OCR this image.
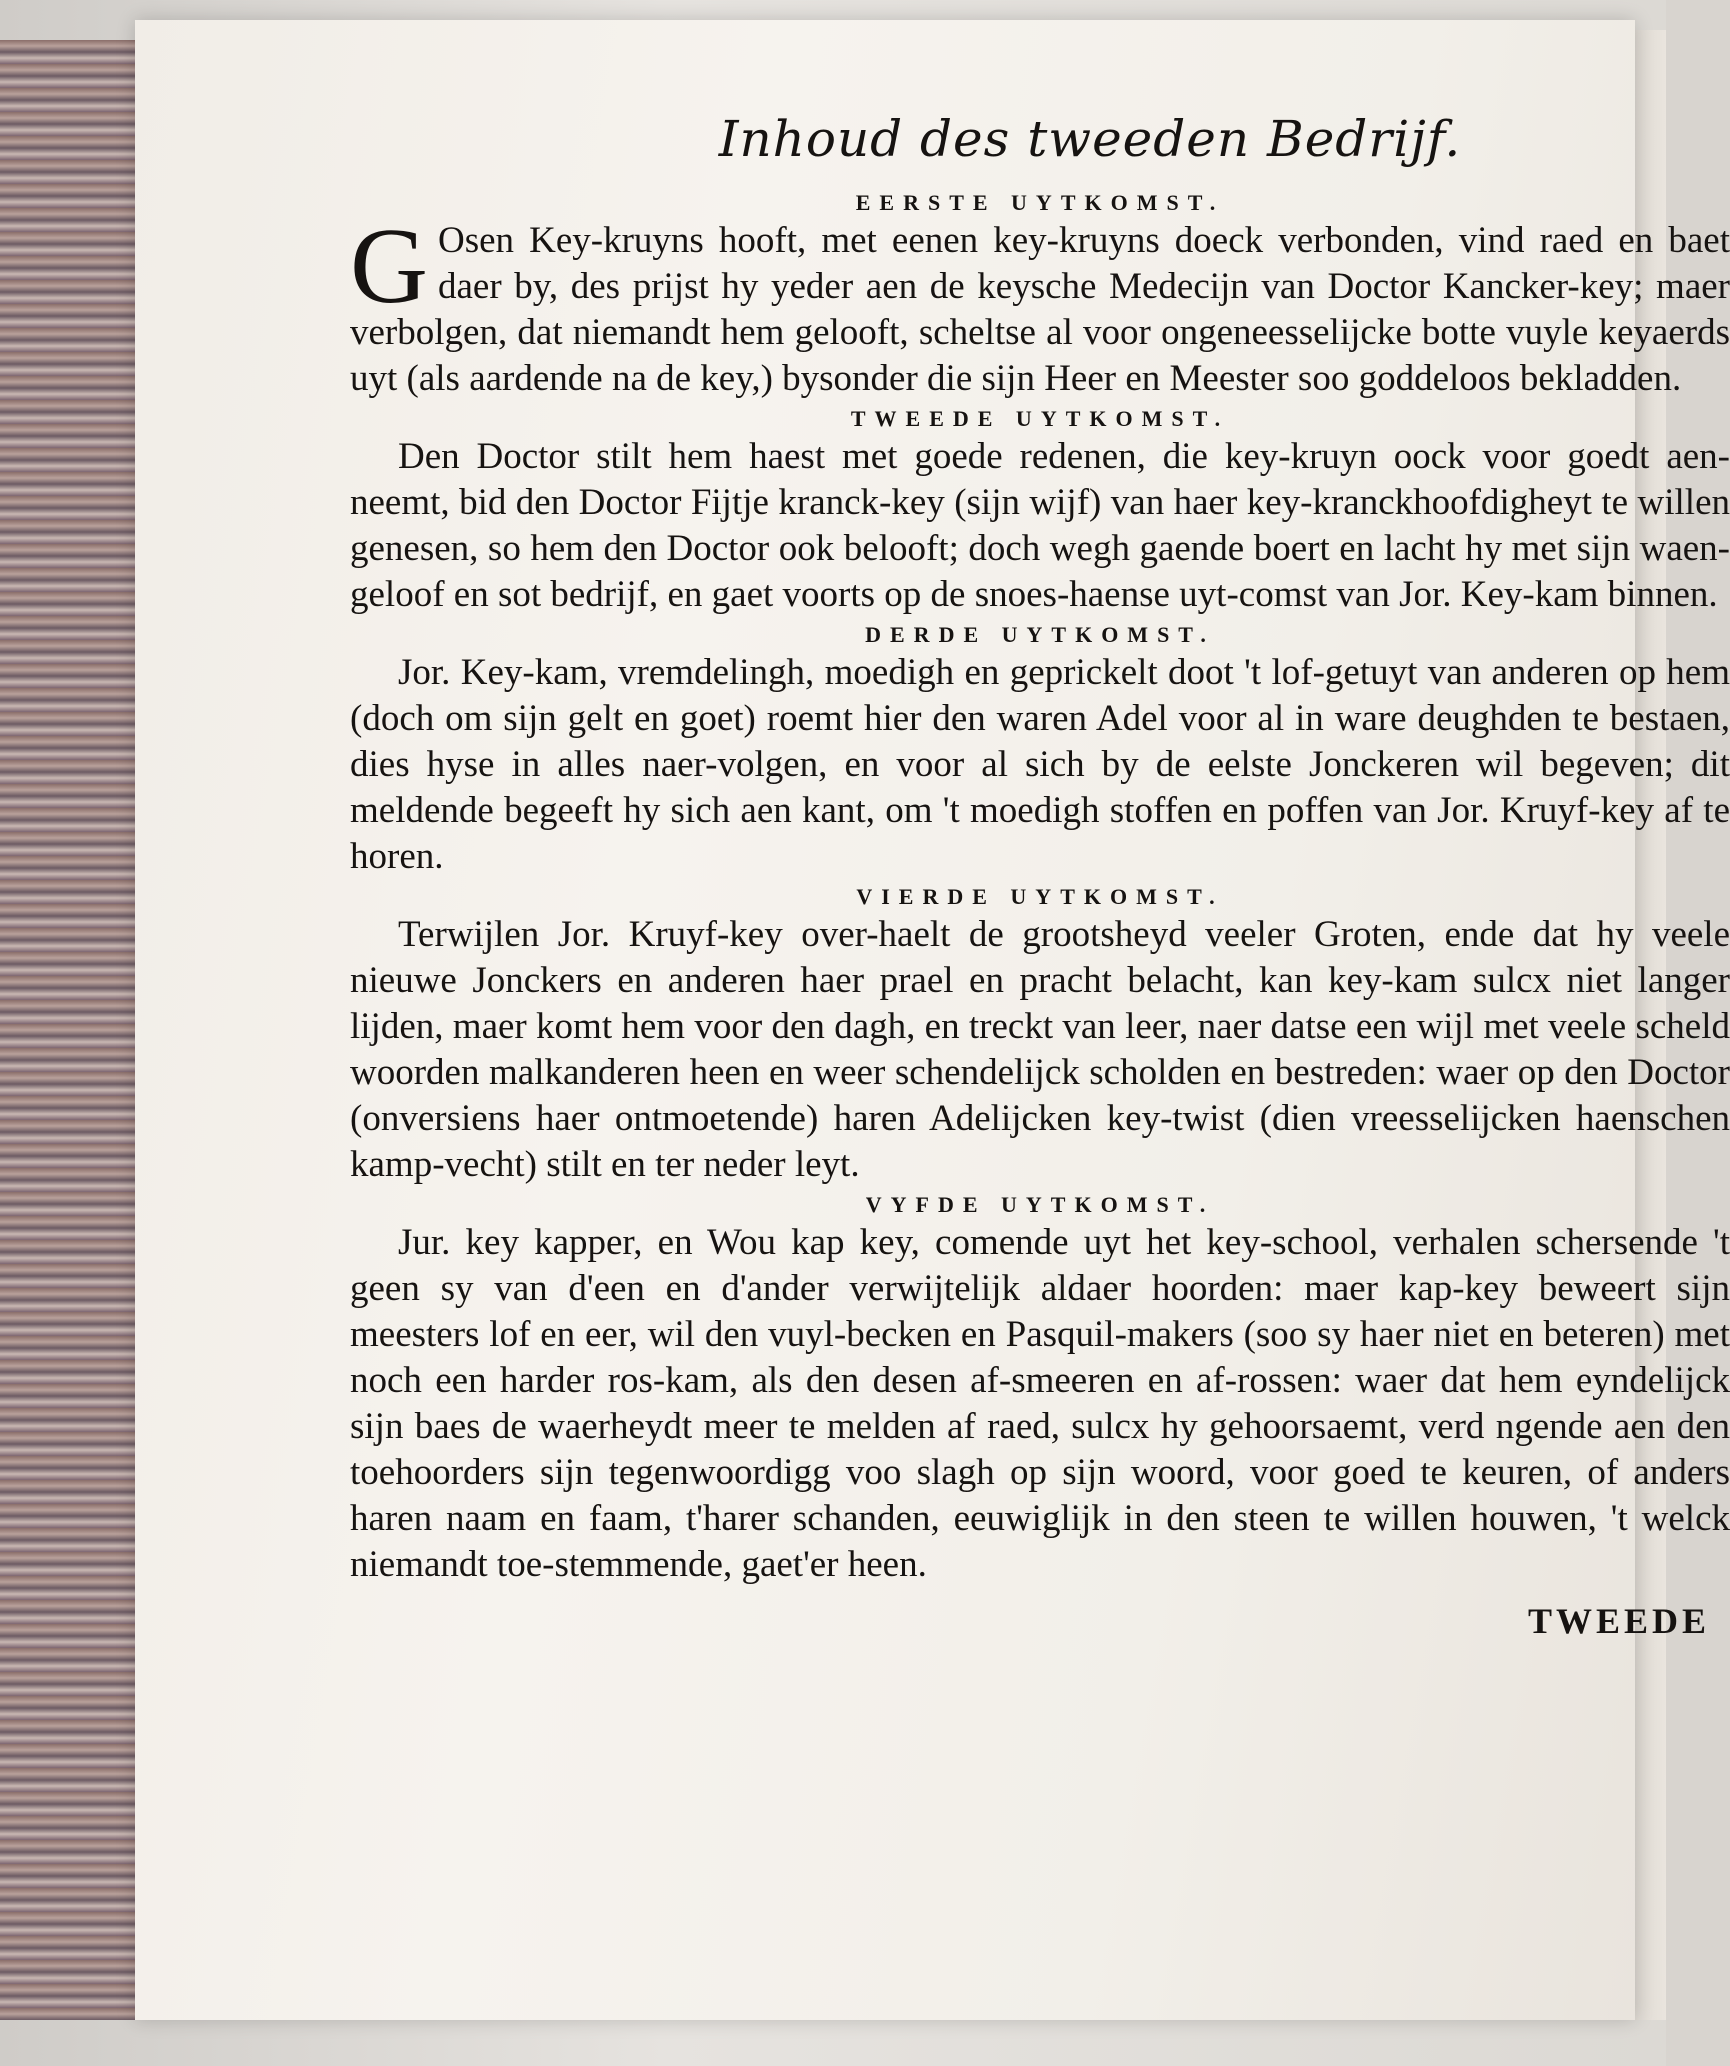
Inhoud des tweeden Bedrijf.
EERSTE UYTKOMST.

G Osen Key-kruyns hooft, met eenen key-kruyns doeck verbonden, vind raed en baet daer by, des prijst hy yeder aen de keysche Medecijn van Doctor Kancker-key; maer verbolgen, dat niemandt hem gelooft, scheltse al voor ongeneesselijcke botte vuyle keyaerds uyt (als aardende na de key,) bysonder die sijn Heer en Meester soo goddeloos bekladden.

TWEEDE UYTKOMST.

Den Doctor stilt hem haest met goede redenen, die key-kruyn oock voor goedt aen-neemt, bid den Doctor Fijtje kranck-key (sijn wijf) van haer key-kranckhoofdigheyt te willen genesen, so hem den Doctor ook belooft; doch wegh gaende boert en lacht hy met sijn waen-geloof en sot bedrijf, en gaet voorts op de snoes-haense uyt-comst van Jor. Key-kam binnen.

DERDE UYTKOMST.

Jor. Key-kam, vremdelingh, moedigh en geprickelt doot 't lof-getuyt van anderen op hem (doch om sijn gelt en goet) roemt hier den waren Adel voor al in ware deughden te bestaen, dies hyse in alles naer-volgen, en voor al sich by de eelste Jonckeren wil begeven; dit meldende begeeft hy sich aen kant, om 't moedigh stoffen en poffen van Jor. Kruyf-key af te horen.

VIERDE UYTKOMST.

Terwijlen Jor. Kruyf-key over-haelt de grootsheyd veeler Groten, ende dat hy veele nieuwe Jonckers en anderen haer prael en pracht belacht, kan key-kam sulcx niet langer lijden, maer komt hem voor den dagh, en treckt van leer, naer datse een wijl met veele scheld woorden malkanderen heen en weer schendelijck scholden en bestreden: waer op den Doctor (onversiens haer ontmoetende) haren Adelijcken key-twist (dien vreesselijcken haenschen kamp-vecht) stilt en ter neder leyt.

VYFDE UYTKOMST.

Jur. key kapper, en Wou kap key, comende uyt het key-school, verhalen schersende 't geen sy van d'een en d'ander verwijtelijk aldaer hoorden: maer kap-key beweert sijn meesters lof en eer, wil den vuyl-becken en Pasquil-makers (soo sy haer niet en beteren) met noch een harder ros-kam, als den desen af-smeeren en af-rossen: waer dat hem eyndelijck sijn baes de waerheydt meer te melden af raed, sulcx hy gehoorsaemt, verd ngende aen den toehoorders sijn tegenwoordigg voo slagh op sijn woord, voor goed te keuren, of anders haren naam en faam, t'harer schanden, eeuwiglijk in den steen te willen houwen, 't welck niemandt toe-stemmende, gaet'er heen.

TWEEDE
